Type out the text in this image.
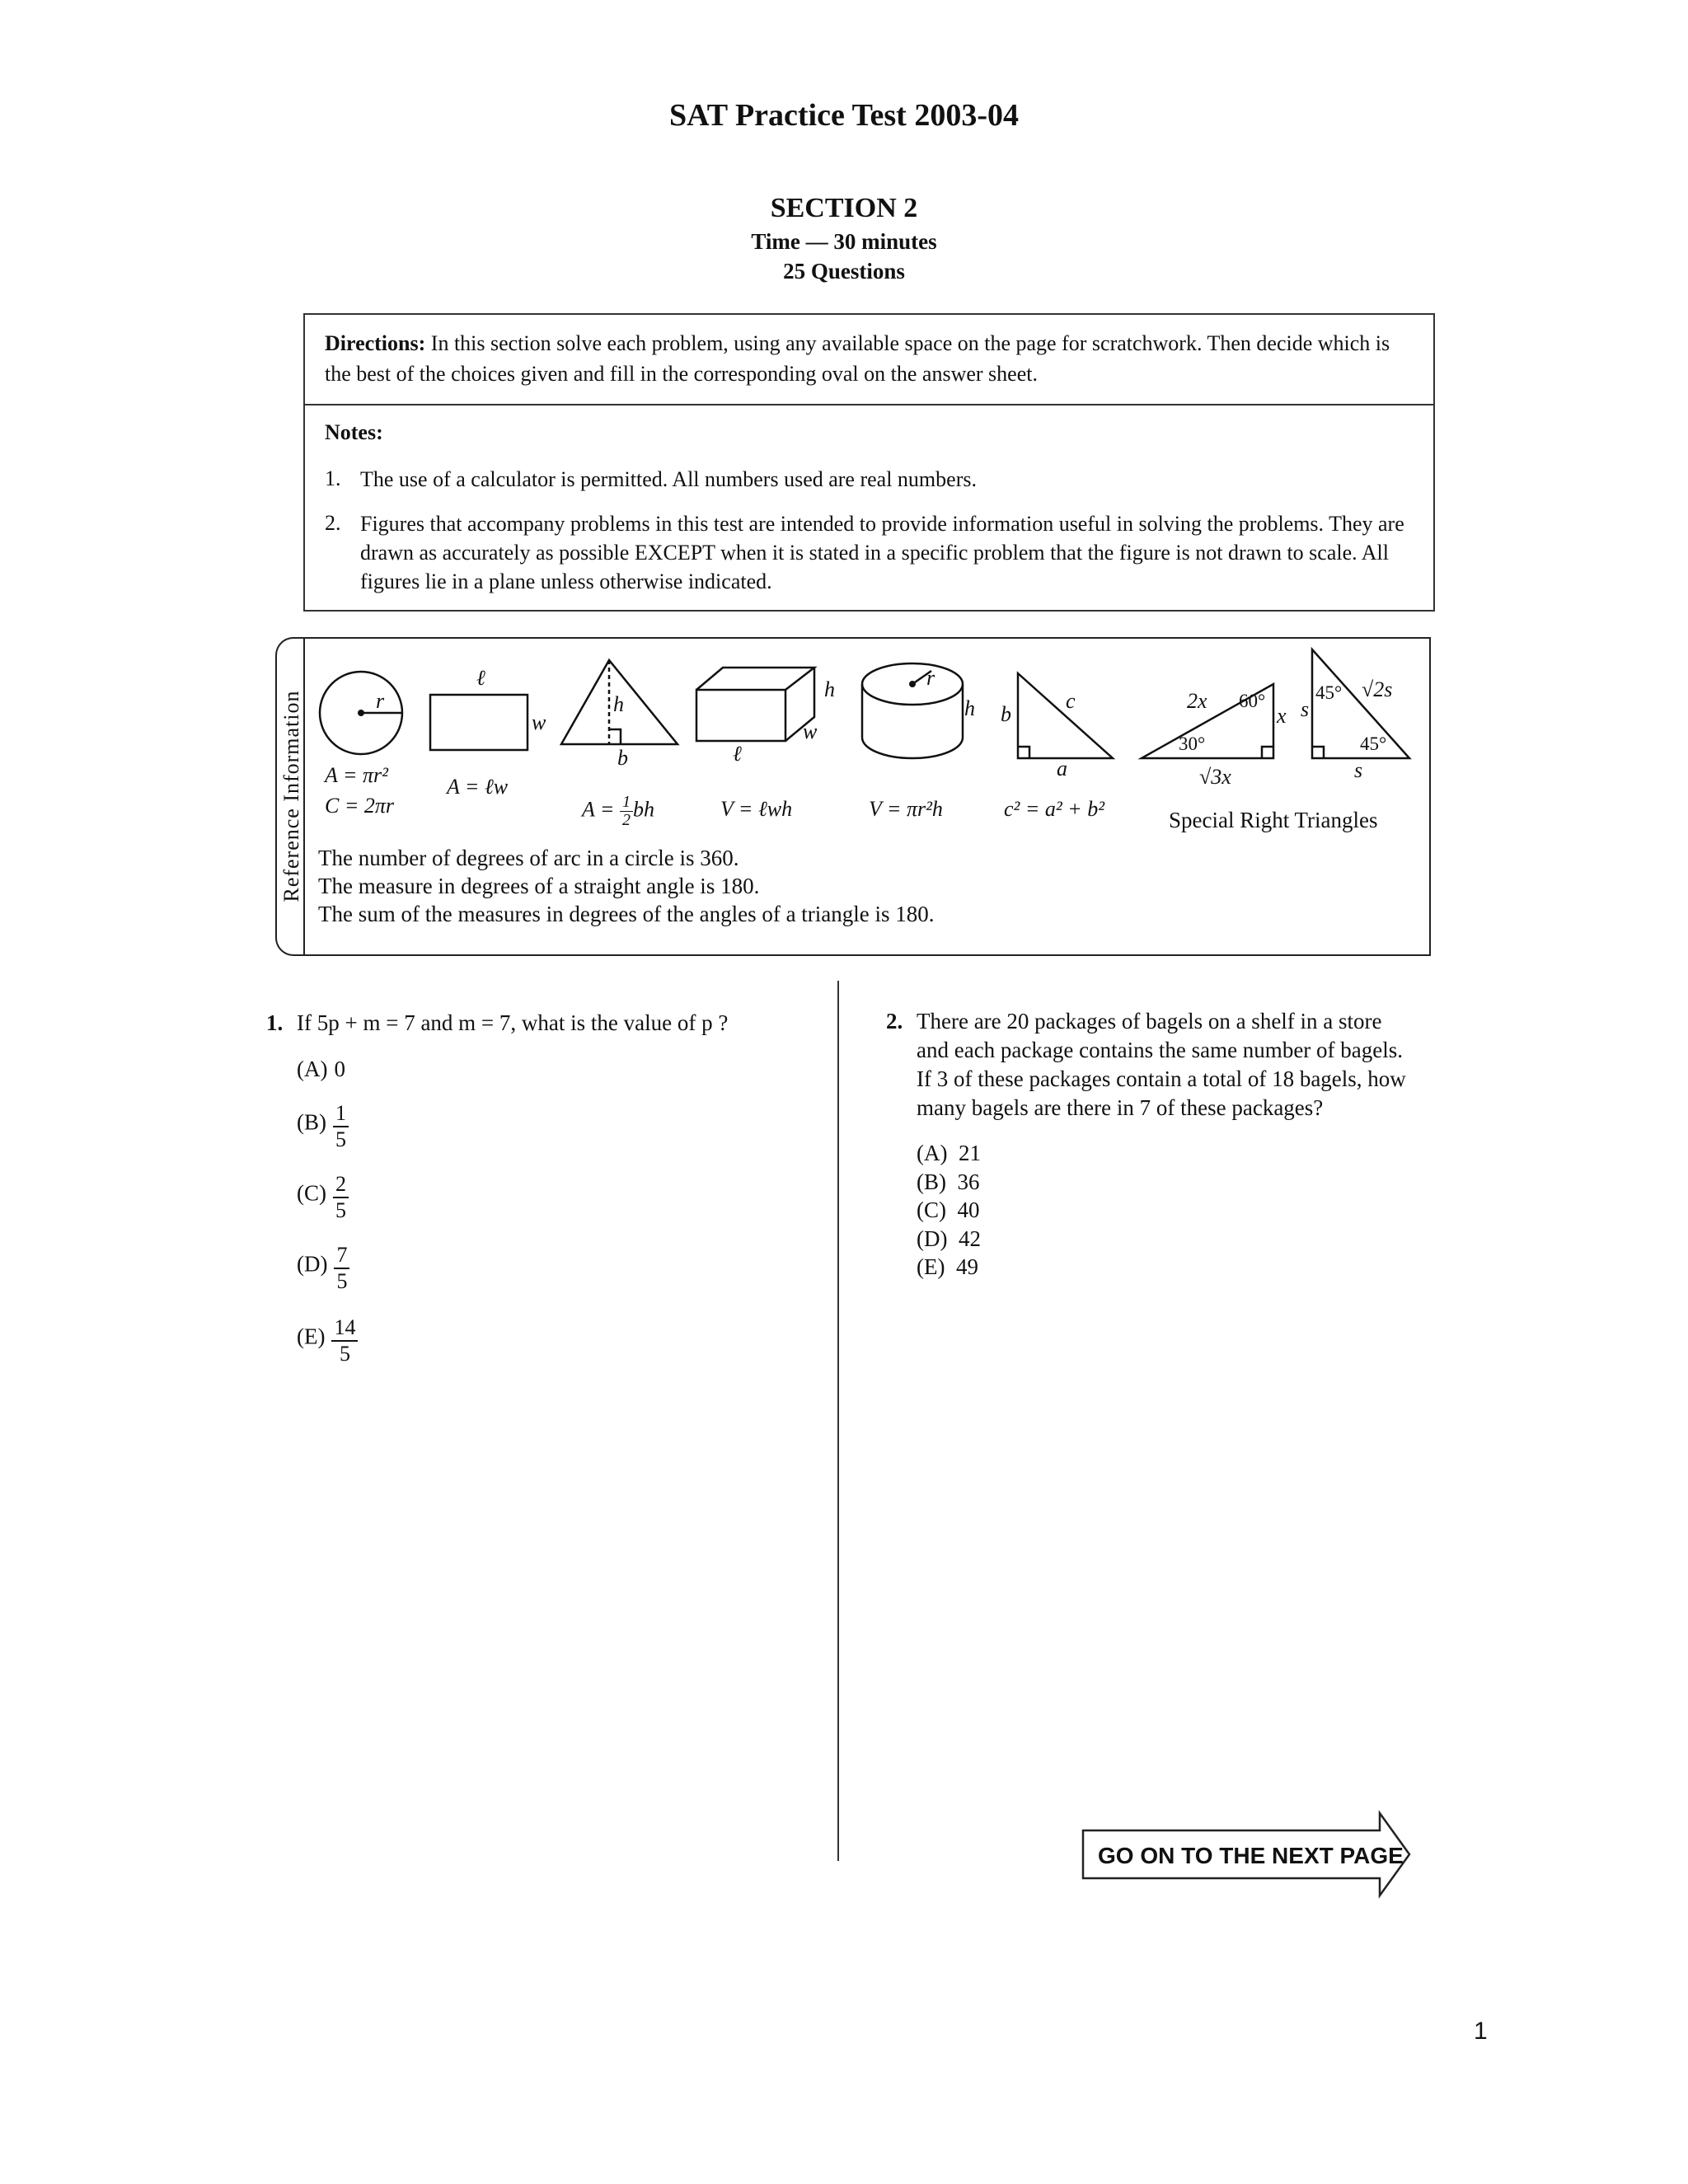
SAT Practice Test 2003-04
SECTION 2
Time — 30 minutes
25 Questions
Directions: In this section solve each problem, using any available space on the page for scratchwork. Then decide which is the best of the choices given and fill in the corresponding oval on the answer sheet.
Notes:
1. The use of a calculator is permitted. All numbers used are real numbers.
2. Figures that accompany problems in this test are intended to provide information useful in solving the problems. They are drawn as accurately as possible EXCEPT when it is stated in a specific problem that the figure is not drawn to scale. All figures lie in a plane unless otherwise indicated.
Reference Information	r
ℓ
w
h
b
h
w
ℓ
r
h b
c
a
2x 60°
x
30°
√3x
s
45° √2s
45°
s
A = πr²
C = 2πr
A = ℓw
$A = \frac{1}{2}$ bh	V = ℓwh	V = πr²h	c² = a² + b²	Special Right Triangles
The number of degrees of arc in a circle is 360.
The measure in degrees of a straight angle is 180.
The sum of the measures in degrees of the angles of a triangle is 180.
1. If 5p + m = 7 and m = 7, what is the value of p ?
(A) 0
$(B) \frac{1}{5}$
$(C) \frac{2}{5}$
$(D) \frac{7}{5}$
$(E) \frac{14}{5}$
2. There are 20 packages of bagels on a shelf in a store
and each package contains the same number of bagels.
If 3 of these packages contain a total of 18 bagels, how
many bagels are there in 7 of these packages?
(A) 21
(B) 36
(C) 40
(D) 42
(E) 49
GO ON TO THE NEXT PAGE
1
